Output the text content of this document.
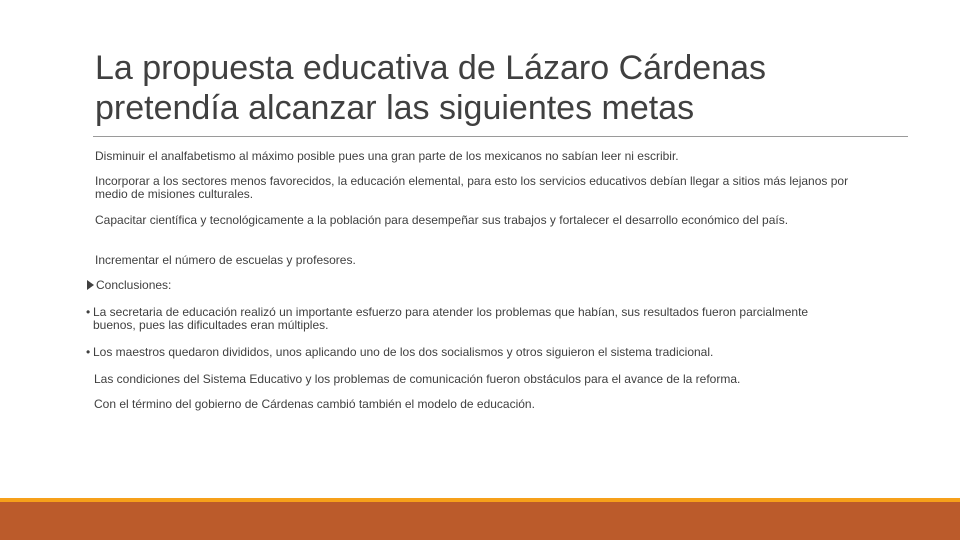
La propuesta educativa de Lázaro Cárdenas
pretendía alcanzar las siguientes metas

Disminuir el analfabetismo al máximo posible pues una gran parte de los mexicanos no sabían leer ni escribir.

Incorporar a los sectores menos favorecidos, la educación elemental, para esto los servicios educativos debían llegar a sitios más lejanos por medio de misiones culturales.

Capacitar científica y tecnológicamente a la población para desempeñar sus trabajos y fortalecer el desarrollo económico del país.

Incrementar el número de escuelas y profesores.

Conclusiones:
• La secretaria de educación realizó un importante esfuerzo para atender los problemas que habían, sus resultados fueron parcialmente buenos, pues las dificultades eran múltiples.
• Los maestros quedaron divididos, unos aplicando uno de los dos socialismos y otros siguieron el sistema tradicional.

Las condiciones del Sistema Educativo y los problemas de comunicación fueron obstáculos para el avance de la reforma.

Con el término del gobierno de Cárdenas cambió también el modelo de educación.
